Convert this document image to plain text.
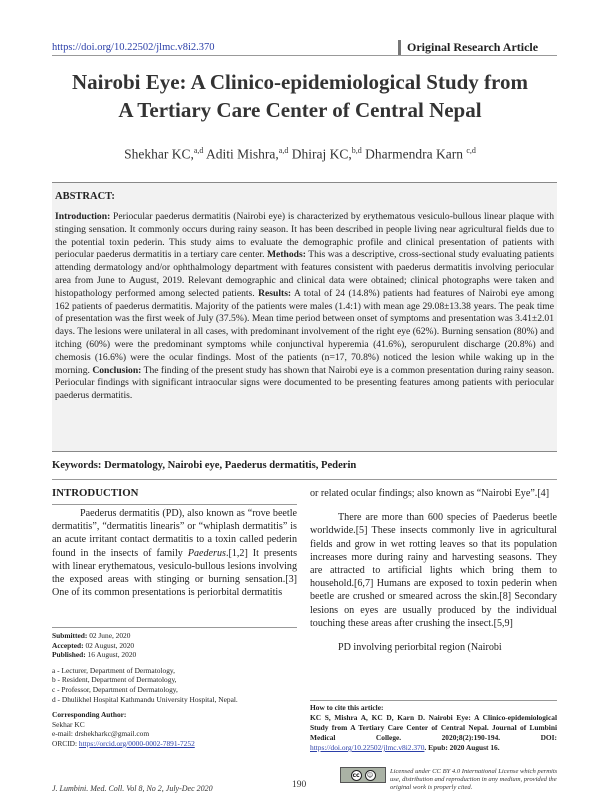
https://doi.org/10.22502/jlmc.v8i2.370	Original Research Article
Nairobi Eye: A Clinico-epidemiological Study from
A Tertiary Care Center of Central Nepal
Shekhar KC,$^{a,d}$ Aditi Mishra,$^{a,d}$ Dhiraj KC,$^{b,d}$ Dharmendra Karn $^{c,d}$
ABSTRACT:
Introduction: Periocular paederus dermatitis (Nairobi eye) is characterized by erythematous vesiculo-bullous linear plaque with stinging sensation. It commonly occurs during rainy season. It has been described in people living near agricultural fields due to the potential toxin pederin. This study aims to evaluate the demographic profile and clinical presentation of patients with periocular paederus dermatitis in a tertiary care center. Methods: This was a descriptive, cross-sectional study evaluating patients attending dermatology and/or ophthalmology department with features consistent with paederus dermatitis involving periocular area from June to August, 2019. Relevant demographic and clinical data were obtained; clinical photographs were taken and histopathology performed among selected patients. Results: A total of 24 (14.8%) patients had features of Nairobi eye among 162 patients of paederus dermatitis. Majority of the patients were males (1.4:1) with mean age 29.08±13.38 years. The peak time of presentation was the first week of July (37.5%). Mean time period between onset of symptoms and presentation was 3.41±2.01 days. The lesions were unilateral in all cases, with predominant involvement of the right eye (62%). Burning sensation (80%) and itching (60%) were the predominant symptoms while conjunctival hyperemia (41.6%), seropurulent discharge (20.8%) and chemosis (16.6%) were the ocular findings. Most of the patients (n=17, 70.8%) noticed the lesion while waking up in the morning. Conclusion: The finding of the present study has shown that Nairobi eye is a common presentation during rainy season. Periocular findings with significant intraocular signs were documented to be presenting features among patients with periocular paederus dermatitis.
Keywords: Dermatology, Nairobi eye, Paederus dermatitis, Pederin
INTRODUCTION

Paederus dermatitis (PD), also known as “rove beetle dermatitis”, “dermatitis linearis” or “whiplash dermatitis” is an acute irritant contact dermatitis to a toxin called pederin found in the insects of family Paederus.[1,2] It presents with linear erythematous, vesiculo-bullous lesions involving the exposed areas with stinging or burning sensation.[3] One of its common presentations is periorbital dermatitis

or related ocular findings; also known as “Nairobi Eye”.[4]

There are more than 600 species of Paederus beetle worldwide.[5] These insects commonly live in agricultural fields and grow in wet rotting leaves so that its population increases more during rainy and harvesting seasons. They are attracted to artificial lights which bring them to household.[6,7] Humans are exposed to toxin pederin when beetle are crushed or smeared across the skin.[8] Secondary lesions on eyes are usually produced by the individual touching these areas after crushing the insect.[5,9]

PD involving periorbital region (Nairobi

Submitted: 02 June, 2020
Accepted: 02 August, 2020
Published: 16 August, 2020
a - Lecturer, Department of Dermatology,
b - Resident, Department of Dermatology,
c - Professor, Department of Dermatology,
d - Dhulikhel Hospital Kathmandu University Hospital, Nepal.
Corresponding Author:
Sekhar KC
e-mail: drshekharkc@gmail.com
ORCID: https://orcid.org/0000-0002-7891-7252
How to cite this article:
KC S, Mishra A, KC D, Karn D. Nairobi Eye: A Clinico-epidemiological Study from A Tertiary Care Center of Central Nepal. Journal of Lumbini Medical College. 2020;8(2):190-194. DOI: https://doi.org/10.22502/jlmc.v8i2.370. Epub: 2020 August 16.
cc	☺	Licensed under CC BY 4.0 International License which permits use, distribution and reproduction in any medium, provided the original work is properly cited.
J. Lumbini. Med. Coll. Vol 8, No 2, July-Dec 2020	190
